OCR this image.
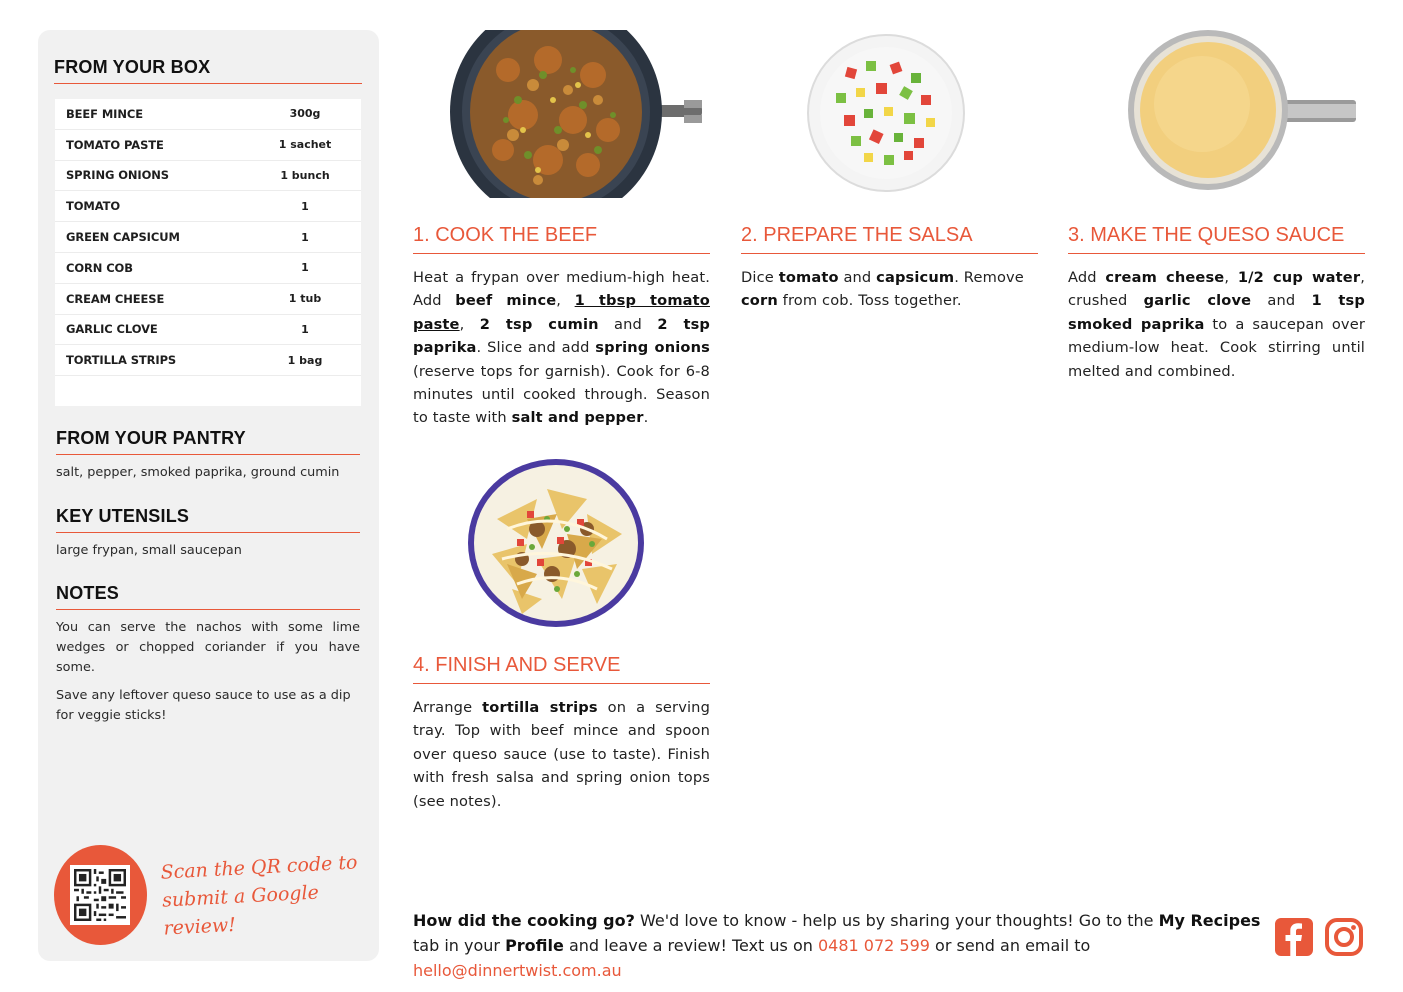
FROM YOUR BOX
BEEF MINCE	300g
TOMATO PASTE	1 sachet
SPRING ONIONS	1 bunch
TOMATO	1
GREEN CAPSICUM	1
CORN COB	1
CREAM CHEESE	1 tub
GARLIC CLOVE	1
TORTILLA STRIPS	1 bag
FROM YOUR PANTRY
salt, pepper, smoked paprika, ground cumin
KEY UTENSILS
large frypan, small saucepan
NOTES
You can serve the nachos with some lime wedges or chopped coriander if you have some.
Save any leftover queso sauce to use as a dip for veggie sticks!
Scan the QR code to
submit a Google review!
1. COOK THE BEEF
Heat a frypan over medium-high heat. Add beef mince, 1 tbsp tomato paste, 2 tsp cumin and 2 tsp paprika. Slice and add spring onions (reserve tops for garnish). Cook for 6-8 minutes until cooked through. Season to taste with salt and pepper.
2. PREPARE THE SALSA
Dice tomato and capsicum. Remove corn from cob. Toss together.
3. MAKE THE QUESO SAUCE
Add cream cheese, 1/2 cup water, crushed garlic clove and 1 tsp smoked paprika to a saucepan over medium-low heat. Cook stirring until melted and combined.
4. FINISH AND SERVE
Arrange tortilla strips on a serving tray. Top with beef mince and spoon over queso sauce (use to taste). Finish with fresh salsa and spring onion tops (see notes).
How did the cooking go? We'd love to know - help us by sharing your thoughts! Go to the My Recipes tab in your Profile and leave a review! Text us on 0481 072 599 or send an email to hello@dinnertwist.com.au
